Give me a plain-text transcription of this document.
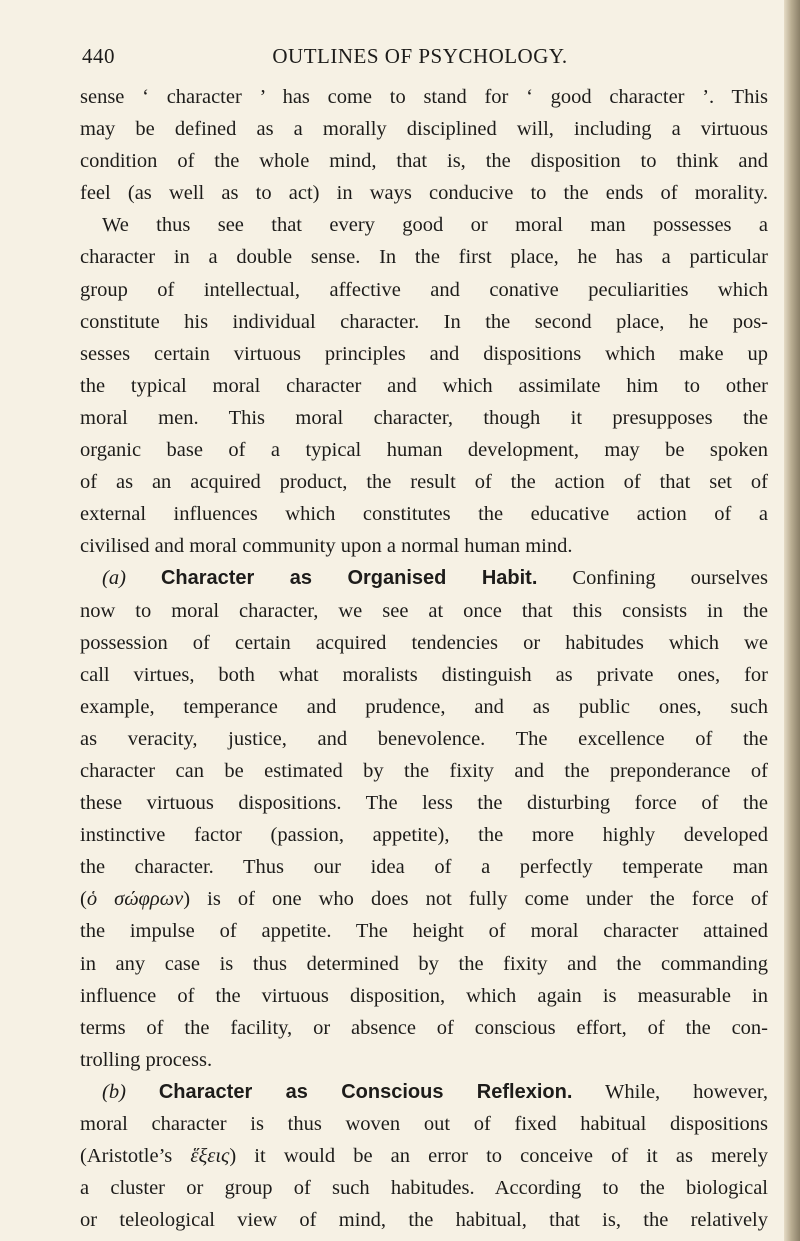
440	OUTLINES OF PSYCHOLOGY.
sense ‘ character ’ has come to stand for ‘ good character ’. This
may be defined as a morally disciplined will, including a virtuous
condition of the whole mind, that is, the disposition to think and
feel (as well as to act) in ways conducive to the ends of morality.
We thus see that every good or moral man possesses a
character in a double sense. In the first place, he has a particular
group of intellectual, affective and conative peculiarities which
constitute his individual character. In the second place, he pos-
sesses certain virtuous principles and dispositions which make up
the typical moral character and which assimilate him to other
moral men. This moral character, though it presupposes the
organic base of a typical human development, may be spoken
of as an acquired product, the result of the action of that set of
external influences which constitutes the educative action of a
civilised and moral community upon a normal human mind.
(a) Character as Organised Habit. Confining ourselves
now to moral character, we see at once that this consists in the
possession of certain acquired tendencies or habitudes which we
call virtues, both what moralists distinguish as private ones, for
example, temperance and prudence, and as public ones, such
as veracity, justice, and benevolence. The excellence of the
character can be estimated by the fixity and the preponderance of
these virtuous dispositions. The less the disturbing force of the
instinctive factor (passion, appetite), the more highly developed
the character. Thus our idea of a perfectly temperate man
(ὁ σώφρων) is of one who does not fully come under the force of
the impulse of appetite. The height of moral character attained
in any case is thus determined by the fixity and the commanding
influence of the virtuous disposition, which again is measurable in
terms of the facility, or absence of conscious effort, of the con-
trolling process.
(b) Character as Conscious Reflexion. While, however,
moral character is thus woven out of fixed habitual dispositions
(Aristotle’s ἕξεις) it would be an error to conceive of it as merely
a cluster or group of such habitudes. According to the biological
or teleological view of mind, the habitual, that is, the relatively
